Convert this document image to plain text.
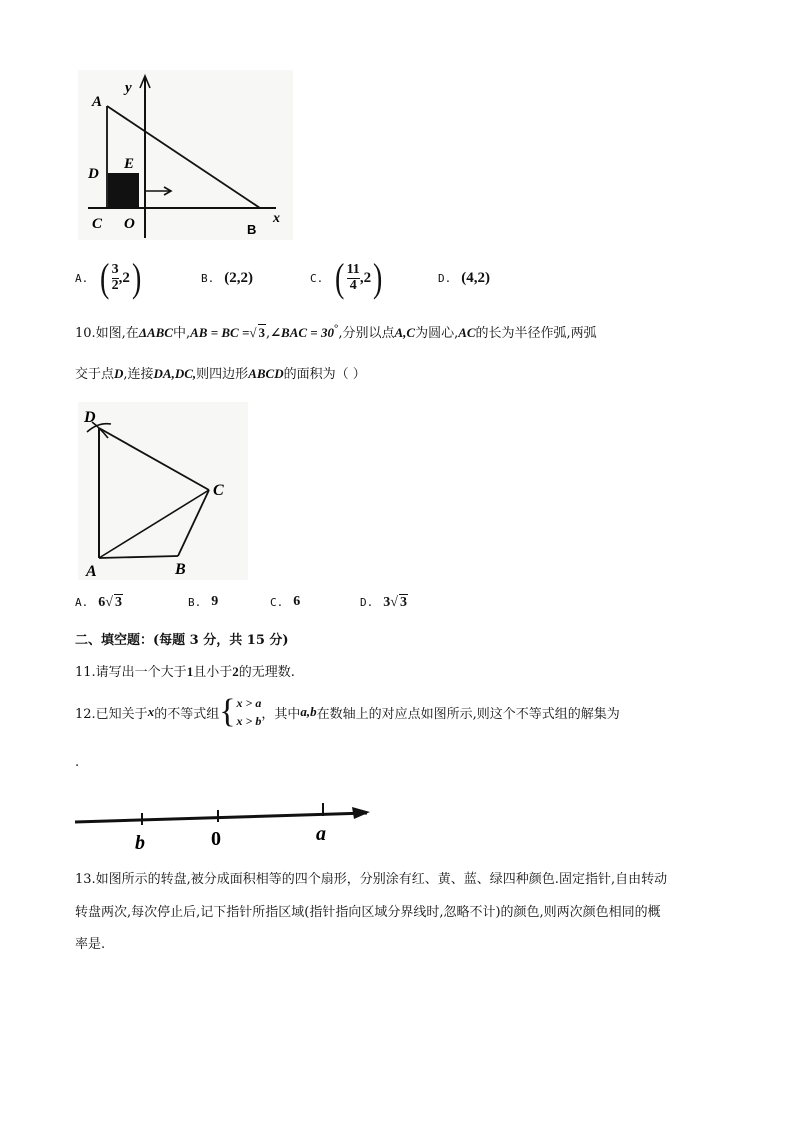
A
y
D
E
C O	B
x
A. ( $\frac{3}{2}$ , 2 )	B. (2,2)	C. ( $\frac{11}{4}$ , 2 )	D. (4,2)
10.如图,在ΔABC中,AB = BC =√ 3,∠BAC = 30°,分别以点A,C为圆心,AC的长为半径作弧,两弧
交于点D,连接DA,DC,则四边形ABCD的面积为（ ）
D
C
A	B
A. 6 √ 3	B. 9	C. 6	D. 3 √ 3
二、填空题：(每题 3 分，共 15 分)
11.请写出一个大于1且小于2的无理数.
12.已知关于 x 的不等式组 { x > a
x > b ，其中 a,b 在数轴上的对应点如图所示,则这个不等式组的解集为
.
b	0	a
13.如图所示的转盘,被分成面积相等的四个扇形，分别涂有红、黄、蓝、绿四种颜色.固定指针,自由转动
转盘两次,每次停止后,记下指针所指区域(指针指向区域分界线时,忽略不计)的颜色,则两次颜色相同的概
率是.
